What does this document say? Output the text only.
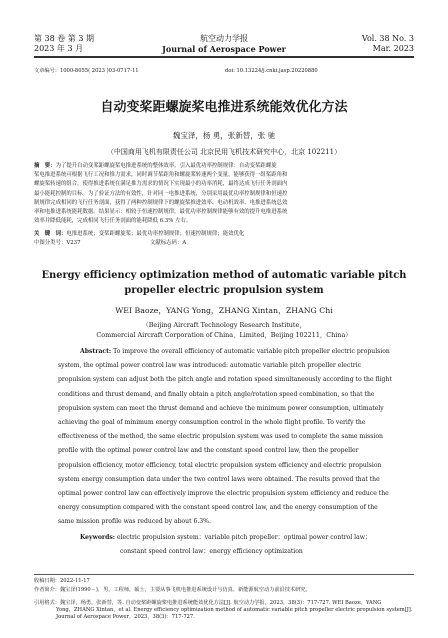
第 38 卷 第 3 期
2023 年 3 月
航空动力学报
Journal of Aerospace Power
Vol. 38 No. 3
Mar. 2023
文章编号：1000-8055( 2023 )03-0717-11	doi: 10.13224/j.cnki.jasp.20220880
自动变桨距螺旋桨电推进系统能效优化方法
魏宝泽，杨 勇，张新替，张 驰
（中国商用飞机有限责任公司 北京民用飞机技术研究中心，北京 102211）
摘　要：为了提升自动变桨距螺旋桨电推进系统的整体效率，引入最优功率控制规律：自动变桨距螺旋
桨电推进系统可根据飞行工况和推力需求，同时调节桨距角和螺旋桨转速两个变量，能够获得一组桨距角和
螺旋桨转速的组合，使得推进系统在满足推力需求的情况下实现最小的功率消耗，最终达成飞行任务剖面内
最小能耗控制的目标。为了验证方法的有效性，针对同一电推进系统，分别采用最优功率控制规律和恒速控
制规律完成相同的飞行任务剖面，获得了两种控制规律下的螺旋桨推进效率、电动机效率、电推进系统总效
率和电推进系统能耗数据。结果显示：相较于恒速控制规律，最优功率控制规律能够有效的提升电推进系统
效率并降低能耗，完成相同飞行任务剖面的能耗降低 6.3% 左右。
关　键　词：电推进系统；变桨距螺旋桨；最优功率控制规律；恒速控制规律；能效优化
中图分类号：V237	文献标志码：A
Energy efficiency optimization method of automatic variable pitch
propeller electric propulsion system
WEI Baoze，YANG Yong，ZHANG Xintan，ZHANG Chi
（Beijing Aircraft Technology Research Institute，
Commercial Aircraft Corporation of China，Limited，Beijing 102211，China）
Abstract: To improve the overall efficiency of automatic variable pitch propeller electric propulsion
system, the optimal power control law was introduced: automatic variable pitch propeller electric
propulsion system can adjust both the pitch angle and rotation speed simultaneously according to the flight
conditions and thrust demand, and finally obtain a pitch angle/rotation speed combination, so that the
propulsion system can meet the thrust demand and achieve the minimum power consumption, ultimately
achieving the goal of minimum energy consumption control in the whole flight profile. To verify the
effectiveness of the method, the same electric propulsion system was used to complete the same mission
profile with the optimal power control law and the constant speed control law, then the propeller
propulsion efficiency, motor efficiency, total electric propulsion system efficiency and electric propulsion
system energy consumption data under the two control laws were obtained. The results proved that the
optimal power control law can effectively improve the electric propulsion system efficiency and reduce the
energy consumption compared with the constant speed control law, and the energy consumption of the
same mission profile was reduced by about 6.3%.
Keywords: electric propulsion system；variable pitch propeller；optimal power control law；
constant speed control law；energy efficiency optimization
收稿日期：2022-11-17
作者简介：魏宝泽(1990－)，男，工程师，硕士，主要从事飞机电推进系统设计与仿真、新能源航空动力前沿技术研究。
引用格式：魏宝泽，杨勇，张新替，等. 自动变桨距螺旋桨电推进系统能效优化方法[J]. 航空动力学报，2023，38(3)：717-727. WEI Baoze，YANG
Yong，ZHANG Xintan，et al. Energy efficiency optimization method of automatic variable pitch propeller electric propulsion system[J].
Journal of Aerospace Power，2023，38(3)：717-727.
